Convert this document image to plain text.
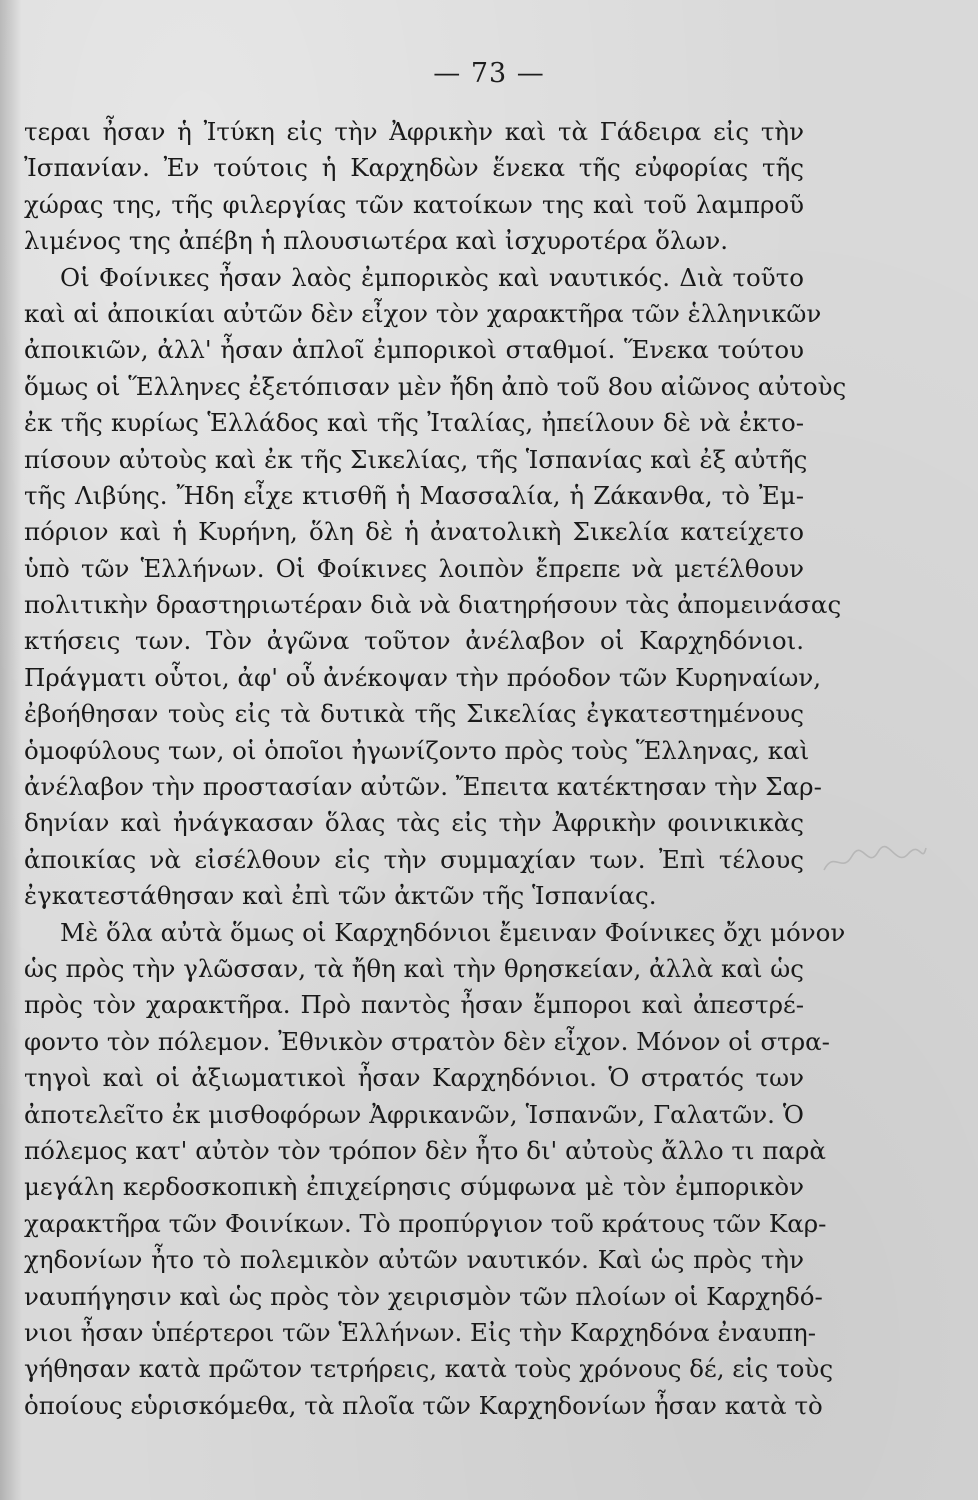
— 73 —
τεραι ἦσαν ἡ Ἰτύκη εἰς τὴν Ἀφρικὴν καὶ τὰ Γάδειρα εἰς τὴν
Ἰσπανίαν. Ἐν τούτοις ἡ Καρχηδὼν ἕνεκα τῆς εὐφορίας τῆς
χώρας της, τῆς φιλεργίας τῶν κατοίκων της καὶ τοῦ λαμπροῦ
λιμένος της ἀπέβη ἡ πλουσιωτέρα καὶ ἰσχυροτέρα ὅλων.
Οἱ Φοίνικες ἦσαν λαὸς ἐμπορικὸς καὶ ναυτικός. Διὰ τοῦτο
καὶ αἱ ἀποικίαι αὐτῶν δὲν εἶχον τὸν χαρακτῆρα τῶν ἑλληνικῶν
ἀποικιῶν, ἀλλ' ἦσαν ἁπλοῖ ἐμπορικοὶ σταθμοί. Ἕνεκα τούτου
ὅμως οἱ Ἕλληνες ἐξετόπισαν μὲν ἤδη ἀπὸ τοῦ 8ου αἰῶνος αὐτοὺς
ἐκ τῆς κυρίως Ἑλλάδος καὶ τῆς Ἰταλίας, ἠπείλουν δὲ νὰ ἐκτο-
πίσουν αὐτοὺς καὶ ἐκ τῆς Σικελίας, τῆς Ἱσπανίας καὶ ἐξ αὐτῆς
τῆς Λιβύης. Ἤδη εἶχε κτισθῆ ἡ Μασσαλία, ἡ Ζάκανθα, τὸ Ἐμ-
πόριον καὶ ἡ Κυρήνη, ὅλη δὲ ἡ ἀνατολικὴ Σικελία κατείχετο
ὑπὸ τῶν Ἑλλήνων. Οἱ Φοίκινες λοιπὸν ἔπρεπε νὰ μετέλθουν
πολιτικὴν δραστηριωτέραν διὰ νὰ διατηρήσουν τὰς ἀπομεινάσας
κτήσεις των. Τὸν ἀγῶνα τοῦτον ἀνέλαβον οἱ Καρχηδόνιοι.
Πράγματι οὗτοι, ἀφ' οὗ ἀνέκοψαν τὴν πρόοδον τῶν Κυρηναίων,
ἐβοήθησαν τοὺς εἰς τὰ δυτικὰ τῆς Σικελίας ἐγκατεστημένους
ὁμοφύλους των, οἱ ὁποῖοι ἠγωνίζοντο πρὸς τοὺς Ἕλληνας, καὶ
ἀνέλαβον τὴν προστασίαν αὐτῶν. Ἔπειτα κατέκτησαν τὴν Σαρ-
δηνίαν καὶ ἠνάγκασαν ὅλας τὰς εἰς τὴν Ἀφρικὴν φοινικικὰς
ἀποικίας νὰ εἰσέλθουν εἰς τὴν συμμαχίαν των. Ἐπὶ τέλους
ἐγκατεστάθησαν καὶ ἐπὶ τῶν ἀκτῶν τῆς Ἱσπανίας.
Μὲ ὅλα αὐτὰ ὅμως οἱ Καρχηδόνιοι ἔμειναν Φοίνικες ὄχι μόνον
ὡς πρὸς τὴν γλῶσσαν, τὰ ἤθη καὶ τὴν θρησκείαν, ἀλλὰ καὶ ὡς
πρὸς τὸν χαρακτῆρα. Πρὸ παντὸς ἦσαν ἔμποροι καὶ ἀπεστρέ-
φοντο τὸν πόλεμον. Ἐθνικὸν στρατὸν δὲν εἶχον. Μόνον οἱ στρα-
τηγοὶ καὶ οἱ ἀξιωματικοὶ ἦσαν Καρχηδόνιοι. Ὁ στρατός των
ἀποτελεῖτο ἐκ μισθοφόρων Ἀφρικανῶν, Ἱσπανῶν, Γαλατῶν. Ὁ
πόλεμος κατ' αὐτὸν τὸν τρόπον δὲν ἦτο δι' αὐτοὺς ἄλλο τι παρὰ
μεγάλη κερδοσκοπικὴ ἐπιχείρησις σύμφωνα μὲ τὸν ἐμπορικὸν
χαρακτῆρα τῶν Φοινίκων. Τὸ προπύργιον τοῦ κράτους τῶν Καρ-
χηδονίων ἦτο τὸ πολεμικὸν αὐτῶν ναυτικόν. Καὶ ὡς πρὸς τὴν
ναυπήγησιν καὶ ὡς πρὸς τὸν χειρισμὸν τῶν πλοίων οἱ Καρχηδό-
νιοι ἦσαν ὑπέρτεροι τῶν Ἑλλήνων. Εἰς τὴν Καρχηδόνα ἐναυπη-
γήθησαν κατὰ πρῶτον τετρήρεις, κατὰ τοὺς χρόνους δέ, εἰς τοὺς
ὁποίους εὑρισκόμεθα, τὰ πλοῖα τῶν Καρχηδονίων ἦσαν κατὰ τὸ
